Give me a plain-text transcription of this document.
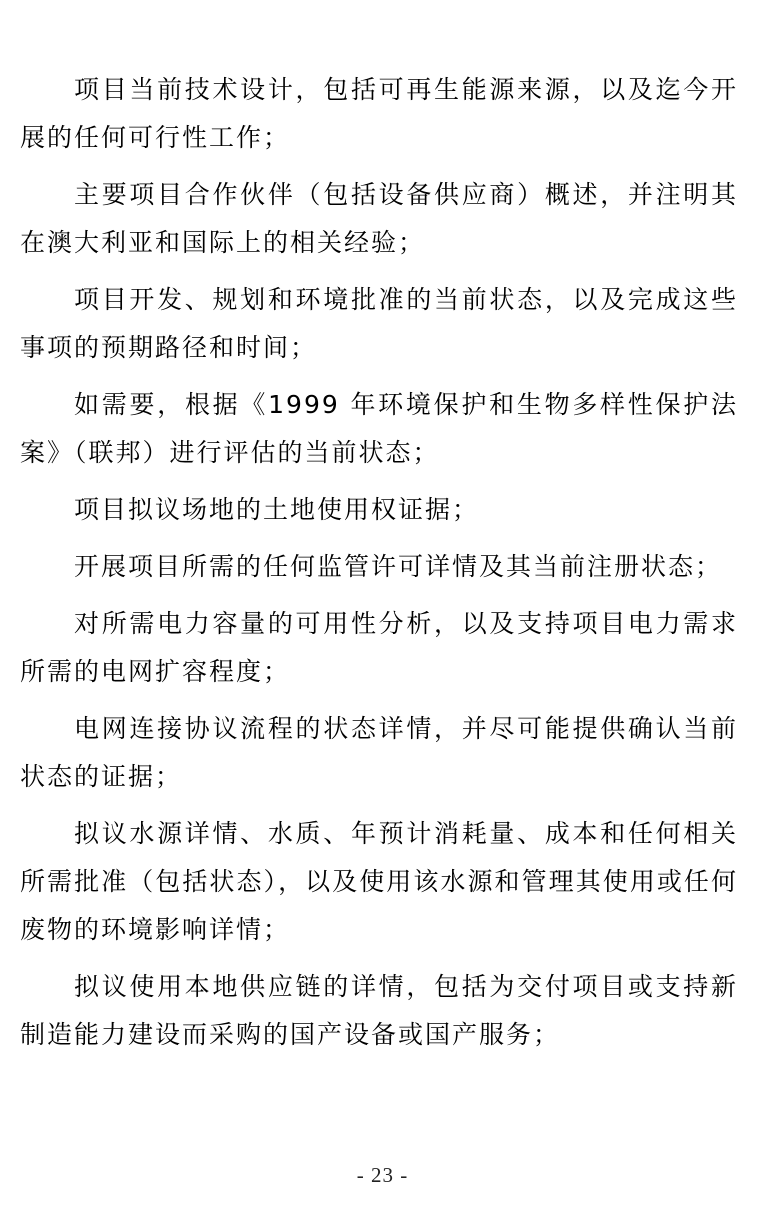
项目当前技术设计，包括可再生能源来源，以及迄今开展的任何可行性工作；

主要项目合作伙伴（包括设备供应商）概述，并注明其在澳大利亚和国际上的相关经验；

项目开发、规划和环境批准的当前状态，以及完成这些事项的预期路径和时间；

如需要，根据《1999 年环境保护和生物多样性保护法案》（联邦）进行评估的当前状态；

项目拟议场地的土地使用权证据；

开展项目所需的任何监管许可详情及其当前注册状态；

对所需电力容量的可用性分析，以及支持项目电力需求所需的电网扩容程度；

电网连接协议流程的状态详情，并尽可能提供确认当前状态的证据；

拟议水源详情、水质、年预计消耗量、成本和任何相关所需批准（包括状态），以及使用该水源和管理其使用或任何废物的环境影响详情；

拟议使用本地供应链的详情，包括为交付项目或支持新制造能力建设而采购的国产设备或国产服务；

- 23 -
